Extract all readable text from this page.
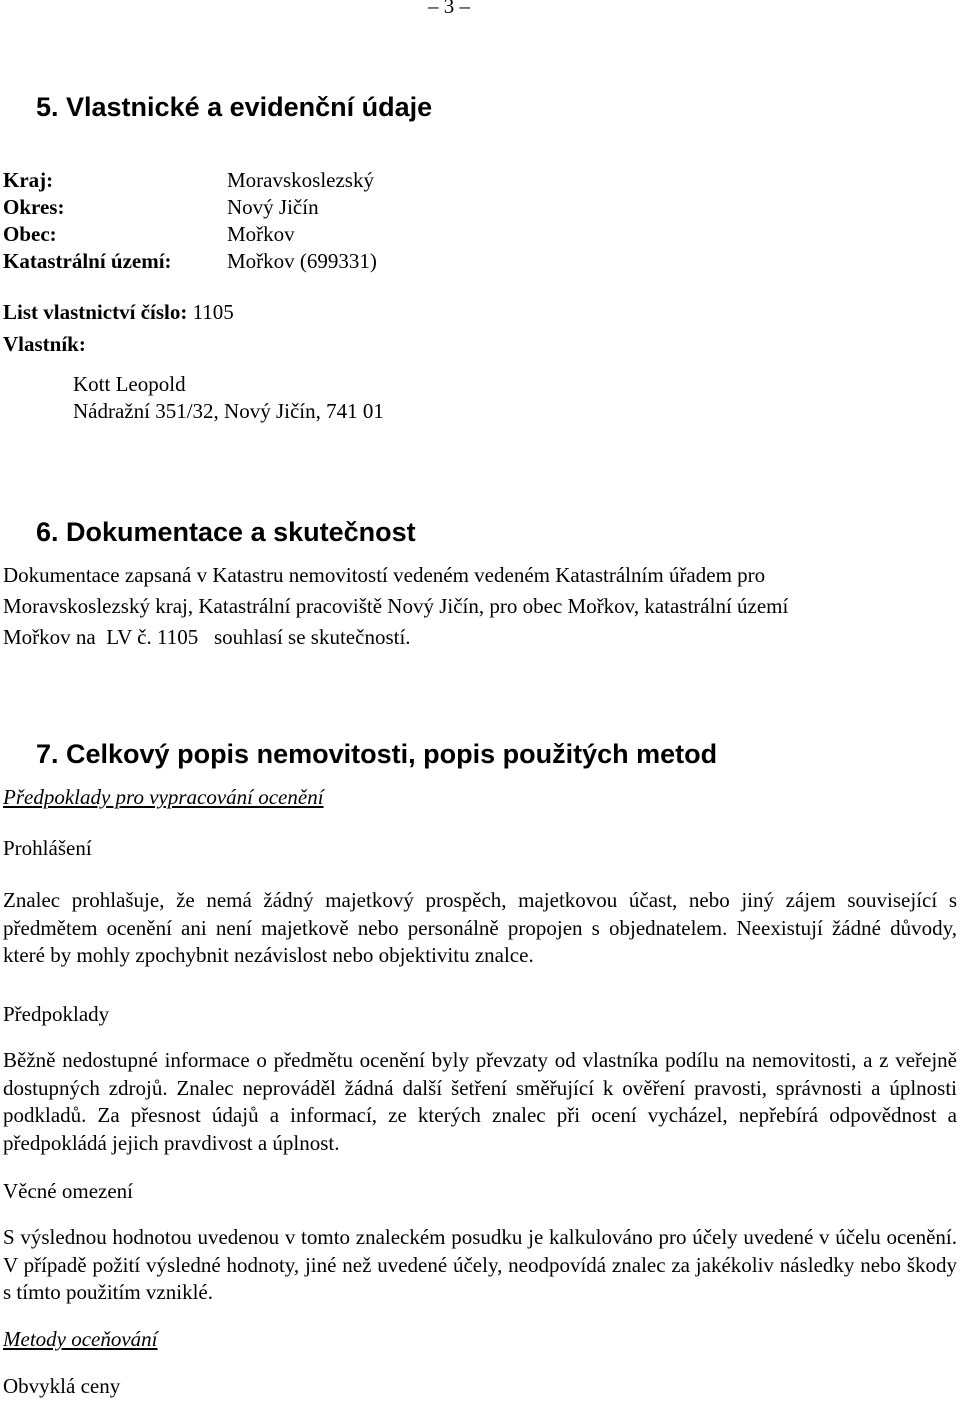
– 3 –
5. Vlastnické a evidenční údaje
Kraj:	Moravskoslezský
Okres:	Nový Jičín
Obec:	Mořkov
Katastrální území:	Mořkov (699331)
List vlastnictví číslo: 1105
Vlastník:
Kott Leopold
Nádražní 351/32, Nový Jičín, 741 01
6. Dokumentace a skutečnost
Dokumentace zapsaná v Katastru nemovitostí vedeném vedeném Katastrálním úřadem pro
Moravskoslezský kraj, Katastrální pracoviště Nový Jičín, pro obec Mořkov, katastrální území
Mořkov na  LV č. 1105   souhlasí se skutečností.
7. Celkový popis nemovitosti, popis použitých metod
Předpoklady pro vypracování ocenění
Prohlášení
Znalec prohlašuje, že nemá žádný majetkový prospěch, majetkovou účast, nebo jiný zájem související s předmětem ocenění ani není majetkově nebo personálně propojen s objednatelem. Neexistují žádné důvody, které by mohly zpochybnit nezávislost nebo objektivitu znalce.
Předpoklady
Běžně nedostupné informace o předmětu ocenění byly převzaty od vlastníka podílu na nemovitosti, a z veřejně dostupných zdrojů. Znalec neprováděl žádná další šetření směřující k ověření pravosti, správnosti a úplnosti podkladů. Za přesnost údajů a informací, ze kterých znalec při ocení vycházel, nepřebírá odpovědnost a předpokládá jejich pravdivost a úplnost.
Věcné omezení
S výslednou hodnotou uvedenou v tomto znaleckém posudku je kalkulováno pro účely uvedené v účelu ocenění. V případě požití výsledné hodnoty, jiné než uvedené účely, neodpovídá znalec za jakékoliv následky nebo škody s tímto použitím vzniklé.
Metody oceňování
Obvyklá ceny
